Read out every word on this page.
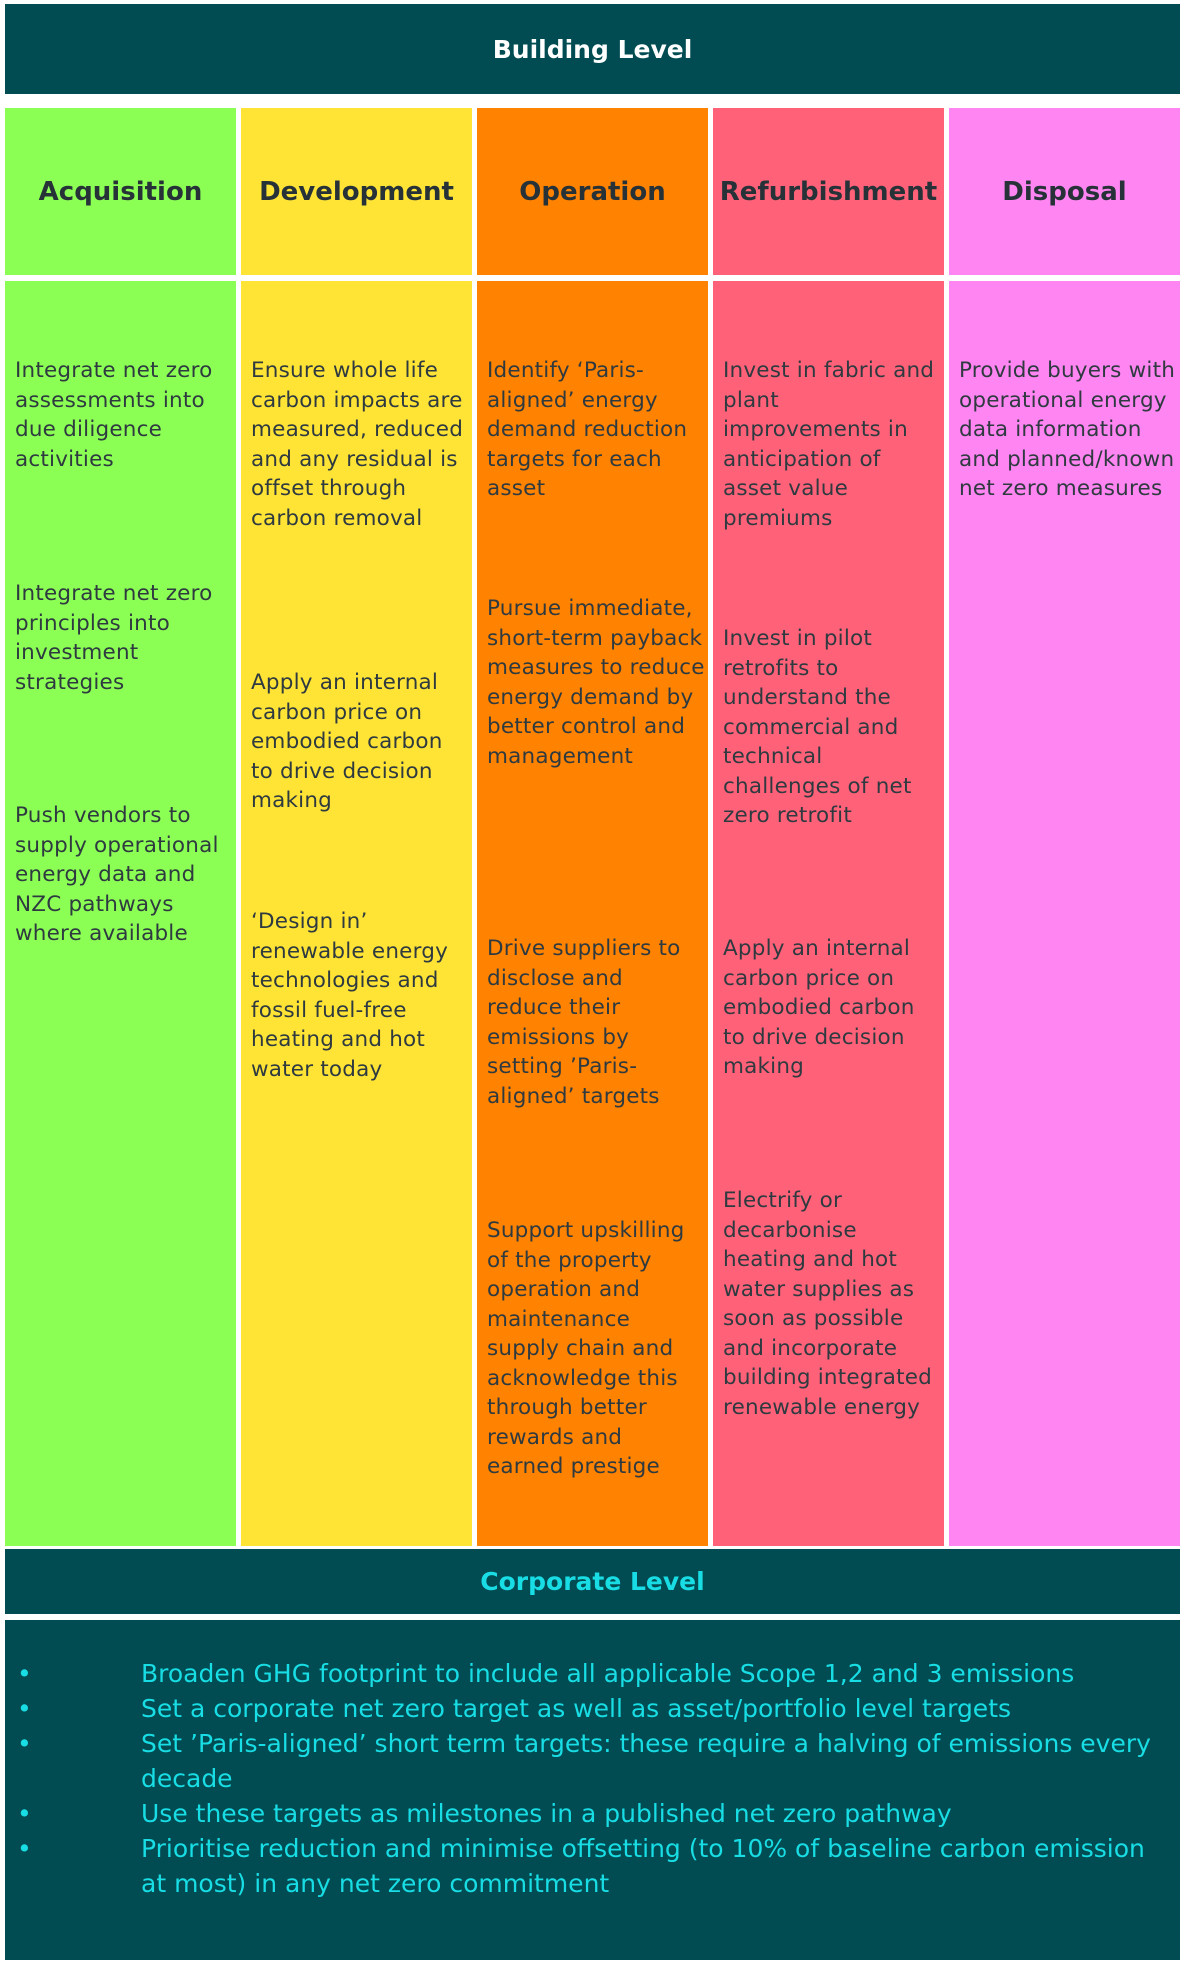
Building Level
Acquisition
Integrate net zero assessments into due diligence activities
Integrate net zero principles into investment strategies
Push vendors to supply operational energy data and NZC pathways where available
Development
Ensure whole life carbon impacts are measured, reduced and any residual is offset through carbon removal
Apply an internal carbon price on embodied carbon to drive decision making
‘Design in’ renewable energy technologies and fossil fuel-free heating and hot water today
Operation
Identify ‘Paris-aligned’ energy demand reduction targets for each asset
Pursue immediate, short-term payback measures to reduce energy demand by better control and management
Drive suppliers to disclose and reduce their emissions by setting ’Paris-aligned’ targets
Support upskilling of the property operation and maintenance supply chain and acknowledge this through better rewards and earned prestige
Refurbishment
Invest in fabric and plant improvements in anticipation of asset value premiums
Invest in pilot retrofits to understand the commercial and technical challenges of net zero retrofit
Apply an internal carbon price on embodied carbon to drive decision making
Electrify or decarbonise heating and hot water supplies as soon as possible and incorporate building integrated renewable energy
Disposal
Provide buyers with operational energy data information and planned/known net zero measures
Corporate Level
•	Broaden GHG footprint to include all applicable Scope 1,2 and 3 emissions
•	Set a corporate net zero target as well as asset/portfolio level targets
•	Set ’Paris-aligned’ short term targets: these require a halving of emissions every decade
•	Use these targets as milestones in a published net zero pathway
•	Prioritise reduction and minimise offsetting (to 10% of baseline carbon emission at most) in any net zero commitment
